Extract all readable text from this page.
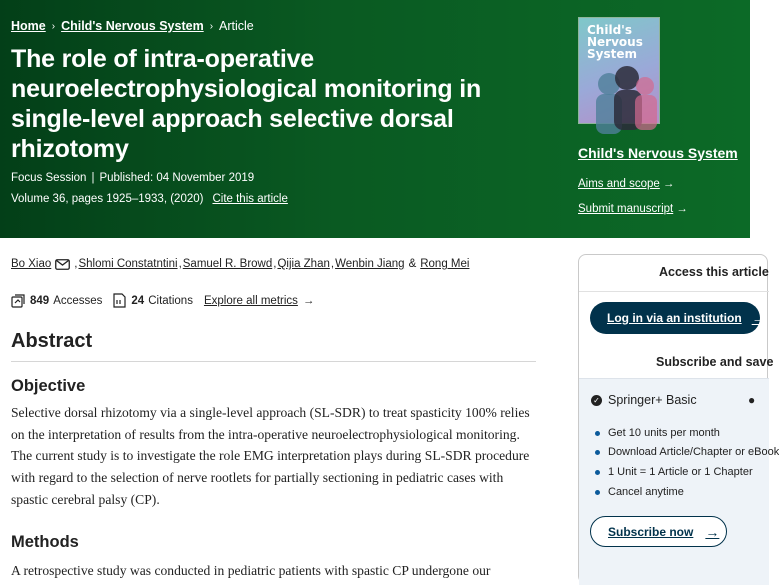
Home › Child's Nervous System › Article
The role of intra-operative neuroelectrophysiological monitoring in single-level approach selective dorsal rhizotomy
Focus Session | Published: 04 November 2019
Volume 36, pages 1925–1933, (2020) Cite this article
Child's Nervous System
Child's Nervous System
Aims and scope →
Submit manuscript →
Bo Xiao , Shlomi Constatntini , Samuel R. Browd , Qijia Zhan , Wenbin Jiang & Rong Mei
849 Accesses	24 Citations Explore all metrics →
Abstract
Objective

Selective dorsal rhizotomy via a single-level approach (SL-SDR) to treat spasticity 100% relies on the interpretation of results from the intra-operative neuroelectrophysiological monitoring. The current study is to investigate the role EMG interpretation plays during SL-SDR procedure with regard to the selection of nerve rootlets for partially sectioning in pediatric cases with spastic cerebral palsy (CP).

Methods

A retrospective study was conducted in pediatric patients with spastic CP undergone our

Access this article
Log in via an institution →
Subscribe and save
✓ Springer+ Basic	●
Get 10 units per month
Download Article/Chapter or eBook
1 Unit = 1 Article or 1 Chapter
Cancel anytime
Subscribe now →
